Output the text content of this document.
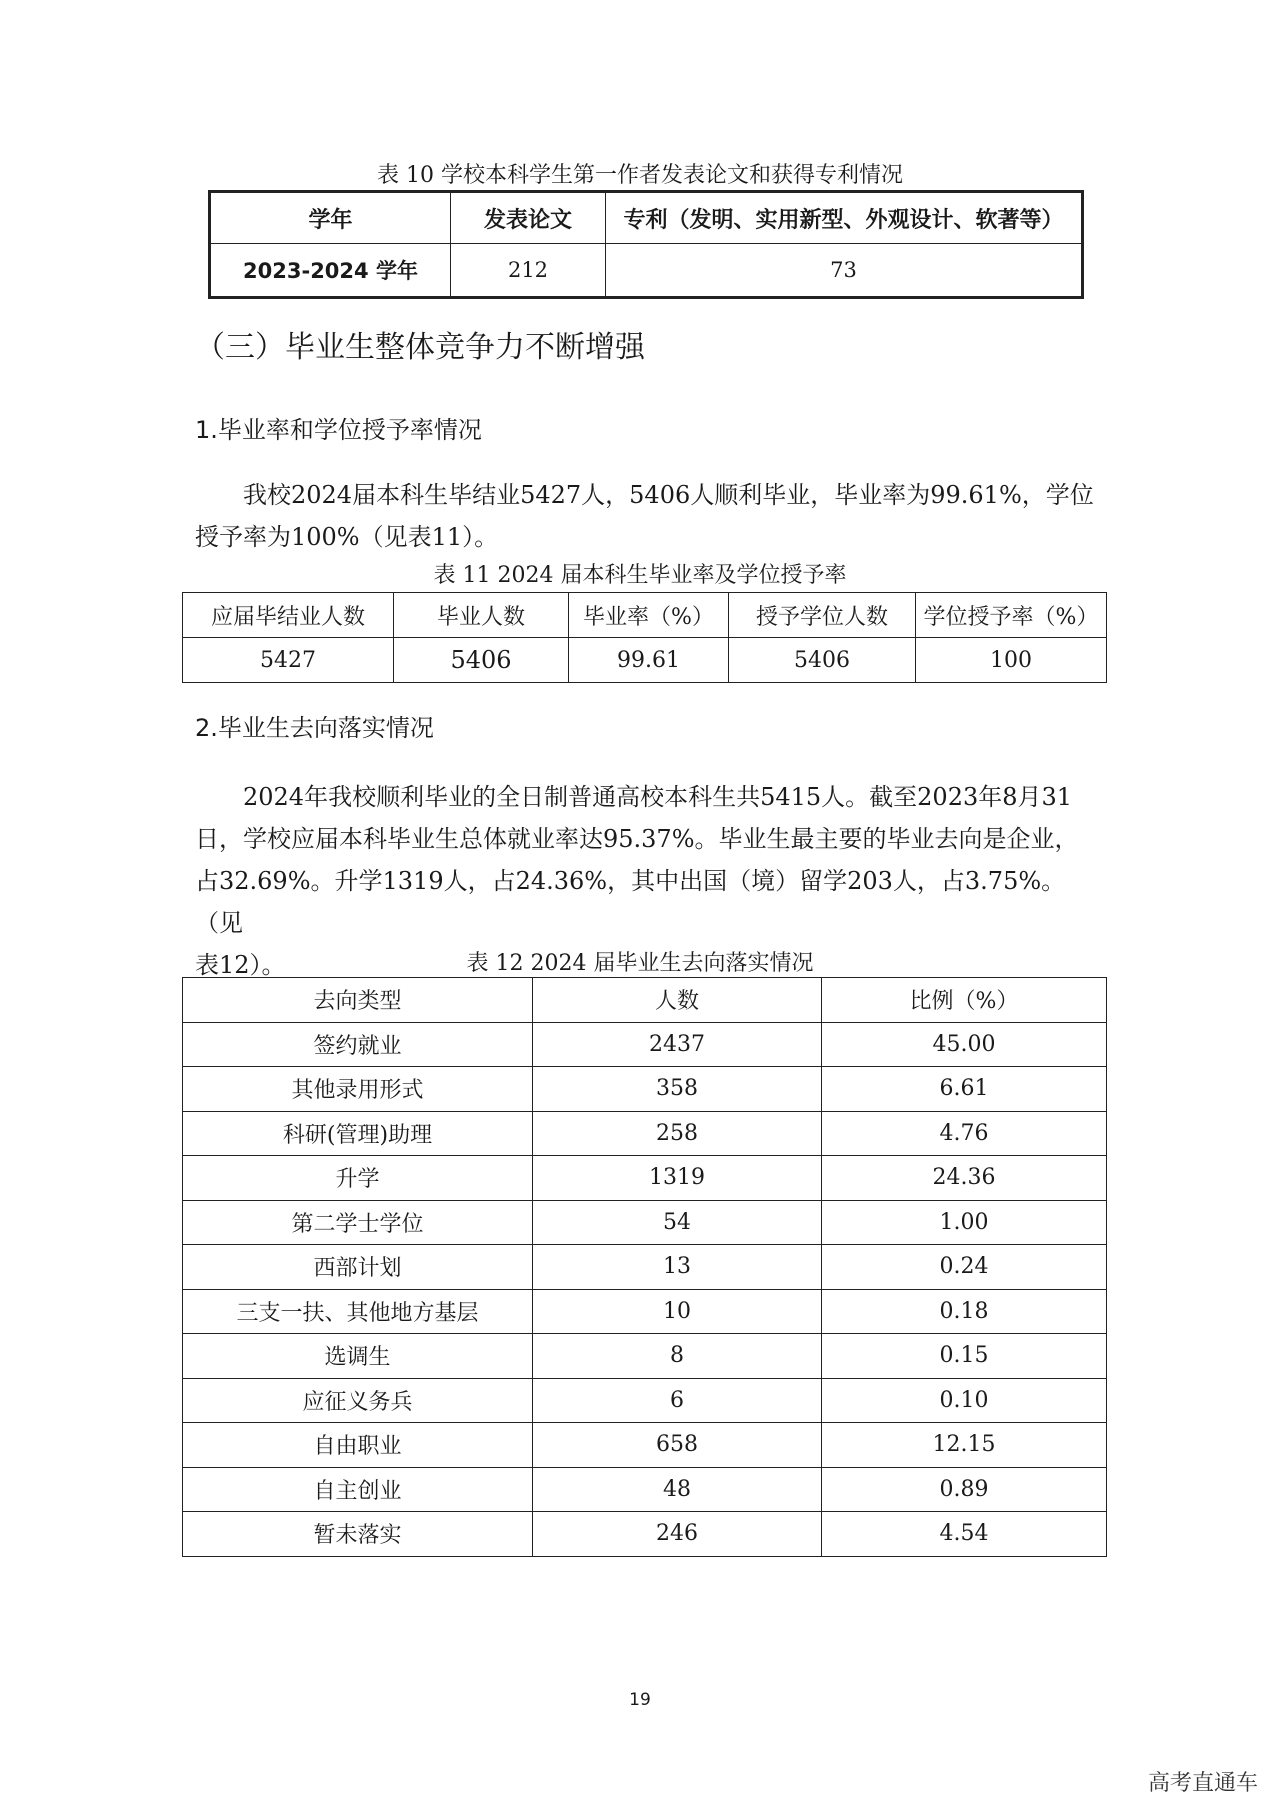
表 10 学校本科学生第一作者发表论文和获得专利情况
学年	发表论文	专利（发明、实用新型、外观设计、软著等）
2023-2024 学年	212	73
（三）毕业生整体竞争力不断增强
1.毕业率和学位授予率情况
我校2024届本科生毕结业5427人，5406人顺利毕业，毕业率为99.61%，学位
授予率为100%（见表11）。
表 11 2024 届本科生毕业率及学位授予率
应届毕结业人数	毕业人数	毕业率（%）	授予学位人数	学位授予率（%）
5427	5406	99.61	5406	100
2.毕业生去向落实情况
2024年我校顺利毕业的全日制普通高校本科生共5415人。截至2023年8月31
日，学校应届本科毕业生总体就业率达95.37%。毕业生最主要的毕业去向是企业，
占32.69%。升学1319人，占24.36%，其中出国（境）留学203人，占3.75%。（见
表12）。	表 12 2024 届毕业生去向落实情况
去向类型	人数	比例（%）
签约就业	2437	45.00
其他录用形式	358	6.61
科研(管理)助理	258	4.76
升学	1319	24.36
第二学士学位	54	1.00
西部计划	13	0.24
三支一扶、其他地方基层	10	0.18
选调生	8	0.15
应征义务兵	6	0.10
自由职业	658	12.15
自主创业	48	0.89
暂未落实	246	4.54
19
高考直通车
